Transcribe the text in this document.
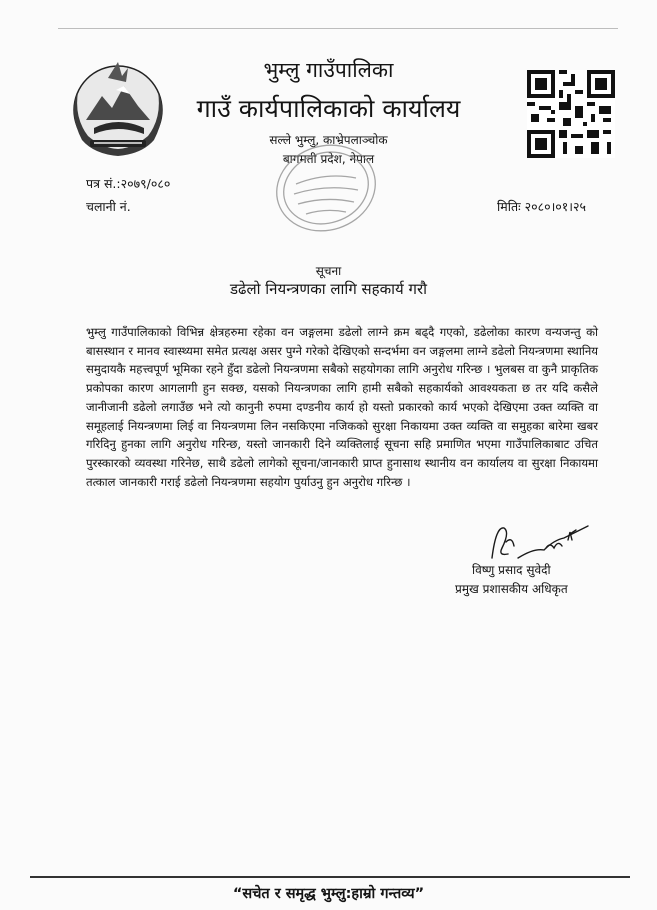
भुम्लु गाउँपालिका
गाउँ कार्यपालिकाको कार्यालय
सल्ले भुम्लु, काभ्रेपलाञ्चोक
बागमती प्रदेश, नेपाल
पत्र सं.:२०७९/०८०
चलानी नं.	मितिः २०८०।०१।२५
सूचना
डढेलो नियन्त्रणका लागि सहकार्य गरौ
भुम्लु गाउँपालिकाको विभिन्न क्षेत्रहरुमा रहेका वन जङ्गलमा डढेलो लाग्ने क्रम बढ्दै गएको, डढेलोका कारण वन्यजन्तु को बासस्थान र मानव स्वास्थ्यमा समेत प्रत्यक्ष असर पुग्ने गरेको देखिएको सन्दर्भमा वन जङ्गलमा लाग्ने डढेलो नियन्त्रणमा स्थानिय समुदायकै महत्त्वपूर्ण भूमिका रहने हुँदा डढेलो नियन्त्रणमा सबैको सहयोगका लागि अनुरोध गरिन्छ । भुलबस वा कुनै प्राकृतिक प्रकोपका कारण आगलागी हुन सक्छ, यसको नियन्त्रणका लागि हामी सबैको सहकार्यको आवश्यकता छ तर यदि कसैले जानीजानी डढेलो लगाउँछ भने त्यो कानुनी रुपमा दण्डनीय कार्य हो यस्तो प्रकारको कार्य भएको देखिएमा उक्त व्यक्ति वा समूहलाई नियन्त्रणमा लिई वा नियन्त्रणमा लिन नसकिएमा नजिकको सुरक्षा निकायमा उक्त व्यक्ति वा समुहका बारेमा खबर गरिदिनु हुनका लागि अनुरोध गरिन्छ, यस्तो जानकारी दिने व्यक्तिलाई सूचना सहि प्रमाणित भएमा गाउँपालिकाबाट उचित पुरस्कारको व्यवस्था गरिनेछ, साथै डढेलो लागेको सूचना/जानकारी प्राप्त हुनासाथ स्थानीय वन कार्यालय वा सुरक्षा निकायमा तत्काल जानकारी गराई डढेलो नियन्त्रणमा सहयोग पुर्याउनु हुन अनुरोध गरिन्छ ।
विष्णु प्रसाद सुवेदी
प्रमुख प्रशासकीय अधिकृत
“सचेत र समृद्ध भुम्लु:हाम्रो गन्तव्य”
